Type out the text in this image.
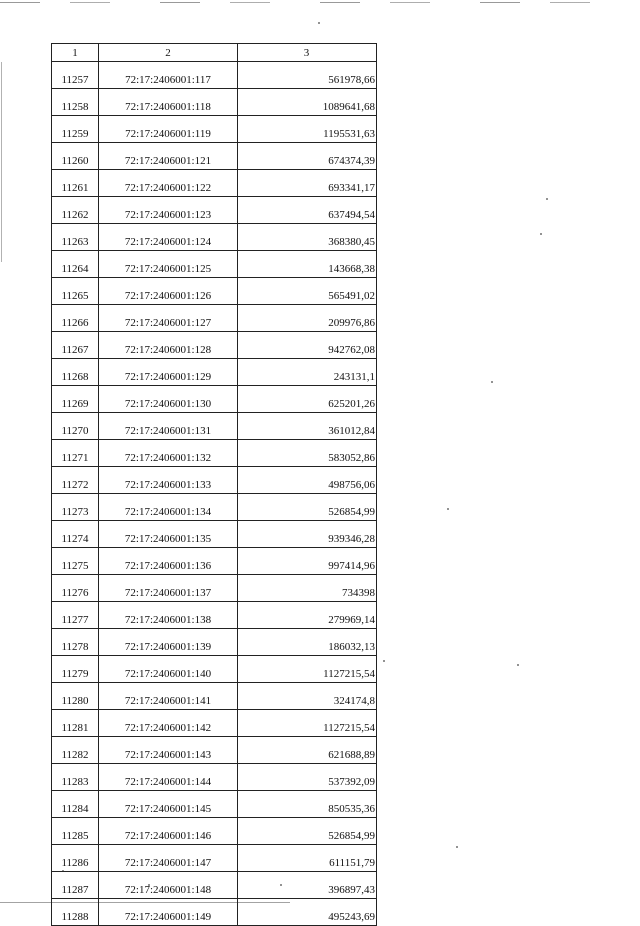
1	2	3
11257	72:17:2406001:117	561978,66
11258	72:17:2406001:118	1089641,68
11259	72:17:2406001:119	1195531,63
11260	72:17:2406001:121	674374,39
11261	72:17:2406001:122	693341,17
11262	72:17:2406001:123	637494,54
11263	72:17:2406001:124	368380,45
11264	72:17:2406001:125	143668,38
11265	72:17:2406001:126	565491,02
11266	72:17:2406001:127	209976,86
11267	72:17:2406001:128	942762,08
11268	72:17:2406001:129	243131,1
11269	72:17:2406001:130	625201,26
11270	72:17:2406001:131	361012,84
11271	72:17:2406001:132	583052,86
11272	72:17:2406001:133	498756,06
11273	72:17:2406001:134	526854,99
11274	72:17:2406001:135	939346,28
11275	72:17:2406001:136	997414,96
11276	72:17:2406001:137	734398
11277	72:17:2406001:138	279969,14
11278	72:17:2406001:139	186032,13
11279	72:17:2406001:140	1127215,54
11280	72:17:2406001:141	324174,8
11281	72:17:2406001:142	1127215,54
11282	72:17:2406001:143	621688,89
11283	72:17:2406001:144	537392,09
11284	72:17:2406001:145	850535,36
11285	72:17:2406001:146	526854,99
11286	72:17:2406001:147	611151,79
11287	72:17:2406001:148	396897,43
11288	72:17:2406001:149	495243,69
